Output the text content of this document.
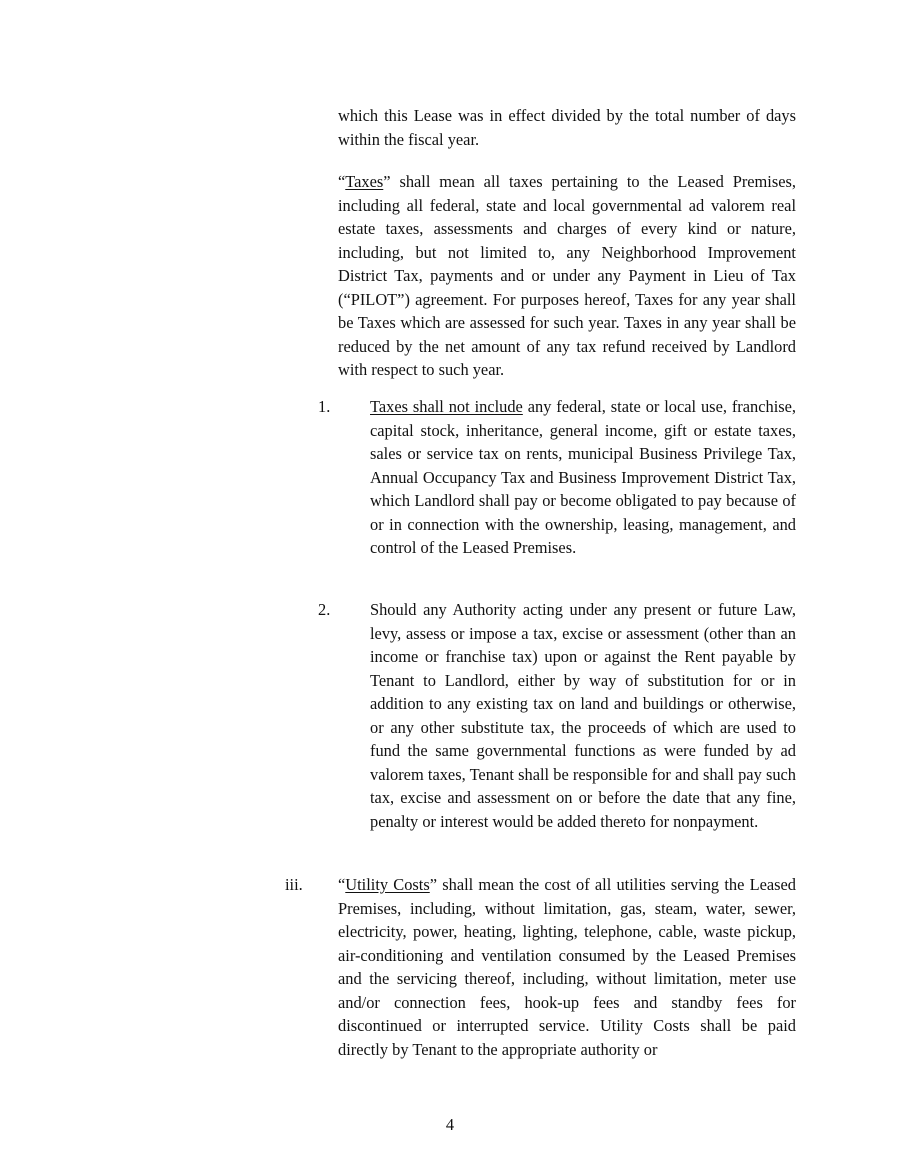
which this Lease was in effect divided by the total number of days within the fiscal year.

“Taxes” shall mean all taxes pertaining to the Leased Premises, including all federal, state and local governmental ad valorem real estate taxes, assessments and charges of every kind or nature, including, but not limited to, any Neighborhood Improvement District Tax, payments and or under any Payment in Lieu of Tax (“PILOT”) agreement. For purposes hereof, Taxes for any year shall be Taxes which are assessed for such year. Taxes in any year shall be reduced by the net amount of any tax refund received by Landlord with respect to such year.

1. Taxes shall not include any federal, state or local use, franchise, capital stock, inheritance, general income, gift or estate taxes, sales or service tax on rents, municipal Business Privilege Tax, Annual Occupancy Tax and Business Improvement District Tax, which Landlord shall pay or become obligated to pay because of or in connection with the ownership, leasing, management, and control of the Leased Premises.

2. Should any Authority acting under any present or future Law, levy, assess or impose a tax, excise or assessment (other than an income or franchise tax) upon or against the Rent payable by Tenant to Landlord, either by way of substitution for or in addition to any existing tax on land and buildings or otherwise, or any other substitute tax, the proceeds of which are used to fund the same governmental functions as were funded by ad valorem taxes, Tenant shall be responsible for and shall pay such tax, excise and assessment on or before the date that any fine, penalty or interest would be added thereto for nonpayment.

iii. “Utility Costs” shall mean the cost of all utilities serving the Leased Premises, including, without limitation, gas, steam, water, sewer, electricity, power, heating, lighting, telephone, cable, waste pickup, air-conditioning and ventilation consumed by the Leased Premises and the servicing thereof, including, without limitation, meter use and/or connection fees, hook-up fees and standby fees for discontinued or interrupted service. Utility Costs shall be paid directly by Tenant to the appropriate authority or

4
